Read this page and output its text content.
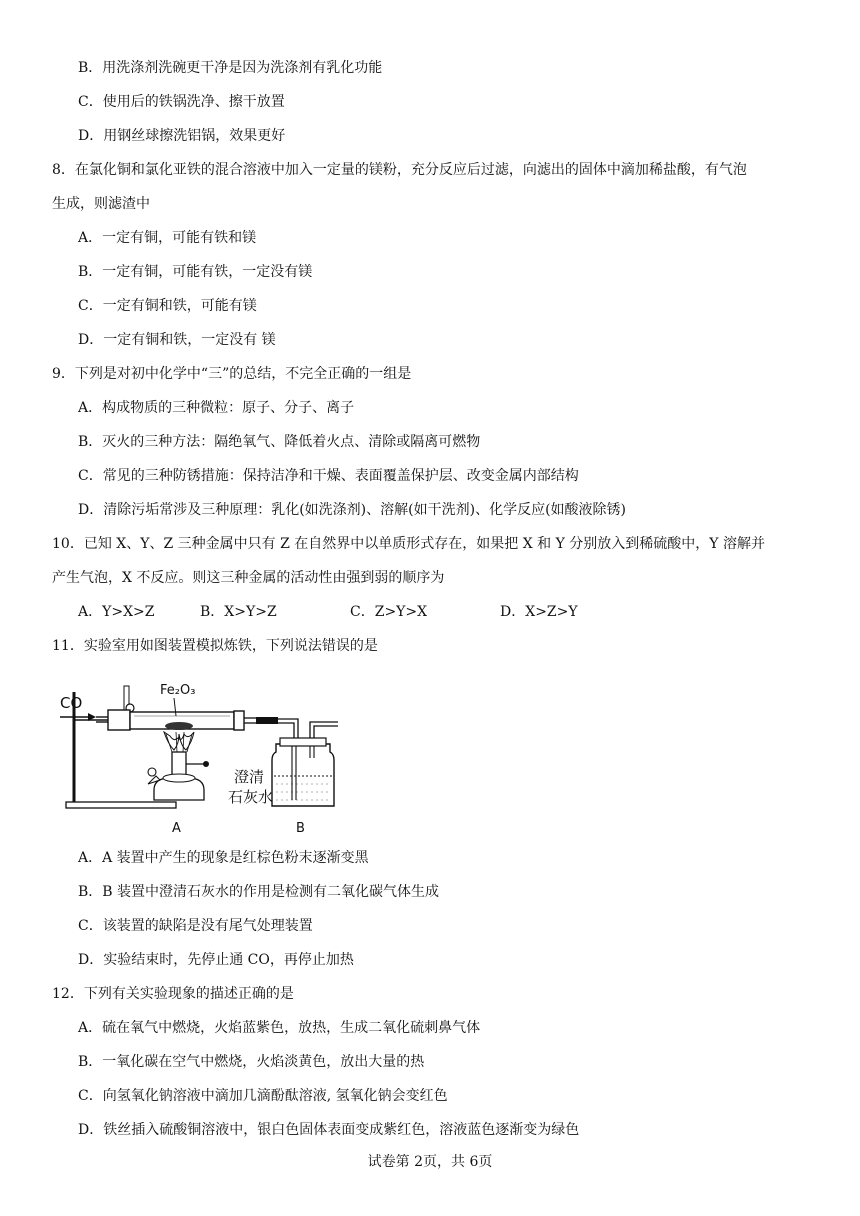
B．用洗涤剂洗碗更干净是因为洗涤剂有乳化功能
C．使用后的铁锅洗净、擦干放置
D．用钢丝球擦洗铝锅，效果更好
8．在氯化铜和氯化亚铁的混合溶液中加入一定量的镁粉，充分反应后过滤，向滤出的固体中滴加稀盐酸，有气泡
生成，则滤渣中
A．一定有铜，可能有铁和镁
B．一定有铜，可能有铁，一定没有镁
C．一定有铜和铁，可能有镁
D．一定有铜和铁，一定没有 镁
9．下列是对初中化学中“三”的总结，不完全正确的一组是
A．构成物质的三种微粒：原子、分子、离子
B．灭火的三种方法：隔绝氧气、降低着火点、清除或隔离可燃物
C．常见的三种防锈措施：保持洁净和干燥、表面覆盖保护层、改变金属内部结构
D．清除污垢常涉及三种原理：乳化(如洗涤剂)、溶解(如干洗剂)、化学反应(如酸液除锈)
10．已知 X、Y、Z 三种金属中只有 Z 在自然界中以单质形式存在，如果把 X 和 Y 分别放入到稀硫酸中，Y 溶解并
产生气泡，X 不反应。则这三种金属的活动性由强到弱的顺序为
A．Y>X>Z	B．X>Y>Z	C．Z>Y>X	D．X>Z>Y
11．实验室用如图装置模拟炼铁，下列说法错误的是
CO
Fe₂O₃
澄清
石灰水
A	B
A．A 装置中产生的现象是红棕色粉末逐渐变黑
B．B 装置中澄清石灰水的作用是检测有二氧化碳气体生成
C．该装置的缺陷是没有尾气处理装置
D．实验结束时，先停止通 CO，再停止加热
12．下列有关实验现象的描述正确的是
A．硫在氧气中燃烧，火焰蓝紫色，放热，生成二氧化硫刺鼻气体
B．一氧化碳在空气中燃烧，火焰淡黄色，放出大量的热
C．向氢氧化钠溶液中滴加几滴酚酞溶液, 氢氧化钠会变红色
D．铁丝插入硫酸铜溶液中，银白色固体表面变成紫红色，溶液蓝色逐渐变为绿色
试卷第 2页，共 6页
